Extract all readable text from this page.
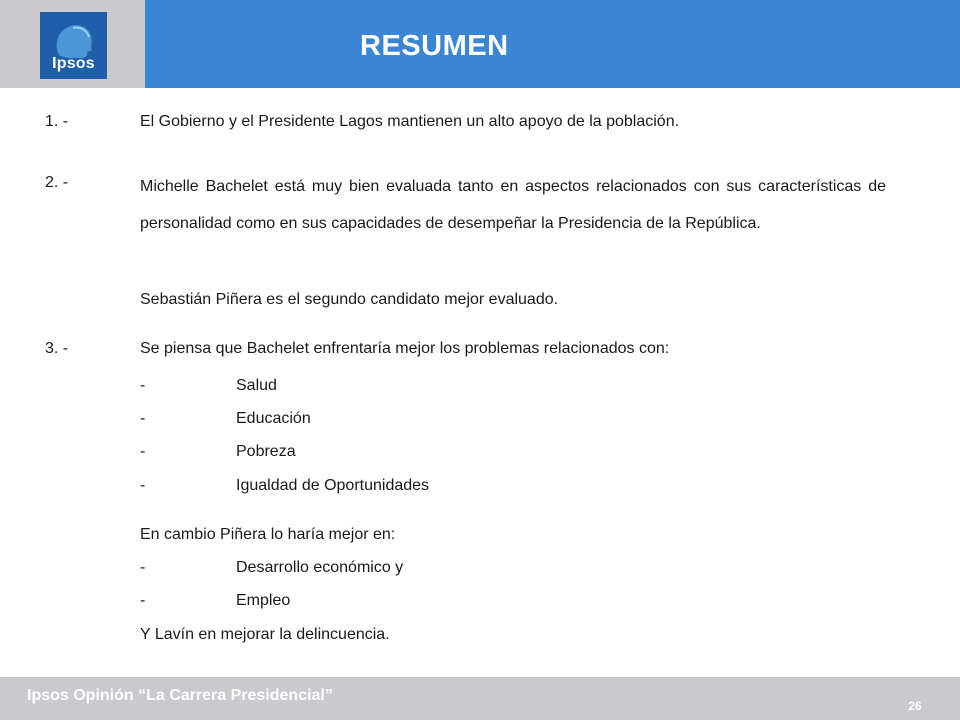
Ipsos
RESUMEN
1. -	El Gobierno y el Presidente Lagos mantienen un alto apoyo de la población.
2. -	Michelle Bachelet está muy bien evaluada tanto en aspectos relacionados con sus características de personalidad como en sus capacidades de desempeñar la Presidencia de la República.
Sebastián Piñera es el segundo candidato mejor evaluado.
3. -	Se piensa que Bachelet enfrentaría mejor los problemas relacionados con:
-	Salud
-	Educación
-	Pobreza
-	Igualdad de Oportunidades
En cambio Piñera lo haría mejor en:
-	Desarrollo económico y
-	Empleo
Y Lavín en mejorar la delincuencia.
Ipsos Opinión “La Carrera Presidencial”
26
